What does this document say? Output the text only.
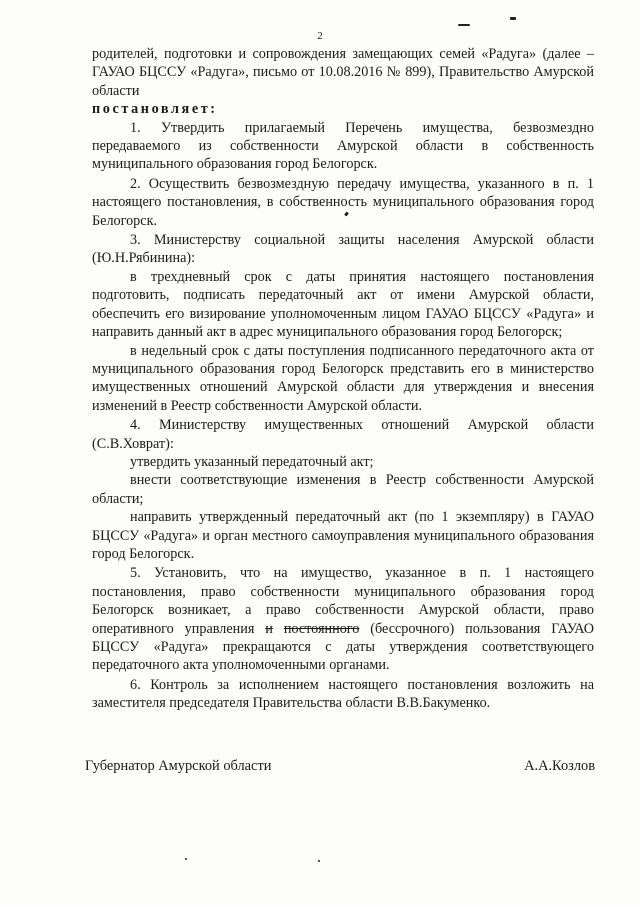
2

родителей, подготовки и сопровождения замещающих семей «Радуга» (далее – ГАУАО БЦССУ «Радуга», письмо от 10.08.2016 № 899), Правительство Амурской области

постановляет:

1. Утвердить прилагаемый Перечень имущества, безвозмездно передаваемого из собственности Амурской области в собственность муниципального образования город Белогорск.

2. Осуществить безвозмездную передачу имущества, указанного в п. 1 настоящего постановления, в собственность муниципального образования город Белогорск.

3. Министерству социальной защиты населения Амурской области (Ю.Н.Рябинина):

в трехдневный срок с даты принятия настоящего постановления подготовить, подписать передаточный акт от имени Амурской области, обеспечить его визирование уполномоченным лицом ГАУАО БЦССУ «Радуга» и направить данный акт в адрес муниципального образования город Белогорск;

в недельный срок с даты поступления подписанного передаточного акта от муниципального образования город Белогорск представить его в министерство имущественных отношений Амурской области для утверждения и внесения изменений в Реестр собственности Амурской области.

4. Министерству имущественных отношений Амурской области (С.В.Ховрат):

утвердить указанный передаточный акт;

внести соответствующие изменения в Реестр собственности Амурской области;

направить утвержденный передаточный акт (по 1 экземпляру) в ГАУАО БЦССУ «Радуга» и орган местного самоуправления муниципального образования город Белогорск.

5. Установить, что на имущество, указанное в п. 1 настоящего постановления, право собственности муниципального образования город Белогорск возникает, а право собственности Амурской области, право оперативного управления и постоянного (бессрочного) пользования ГАУАО БЦССУ «Радуга» прекращаются с даты утверждения соответствующего передаточного акта уполномоченными органами.

6. Контроль за исполнением настоящего постановления возложить на заместителя председателя Правительства области В.В.Бакуменко.

Губернатор Амурской области	А.А.Козлов
